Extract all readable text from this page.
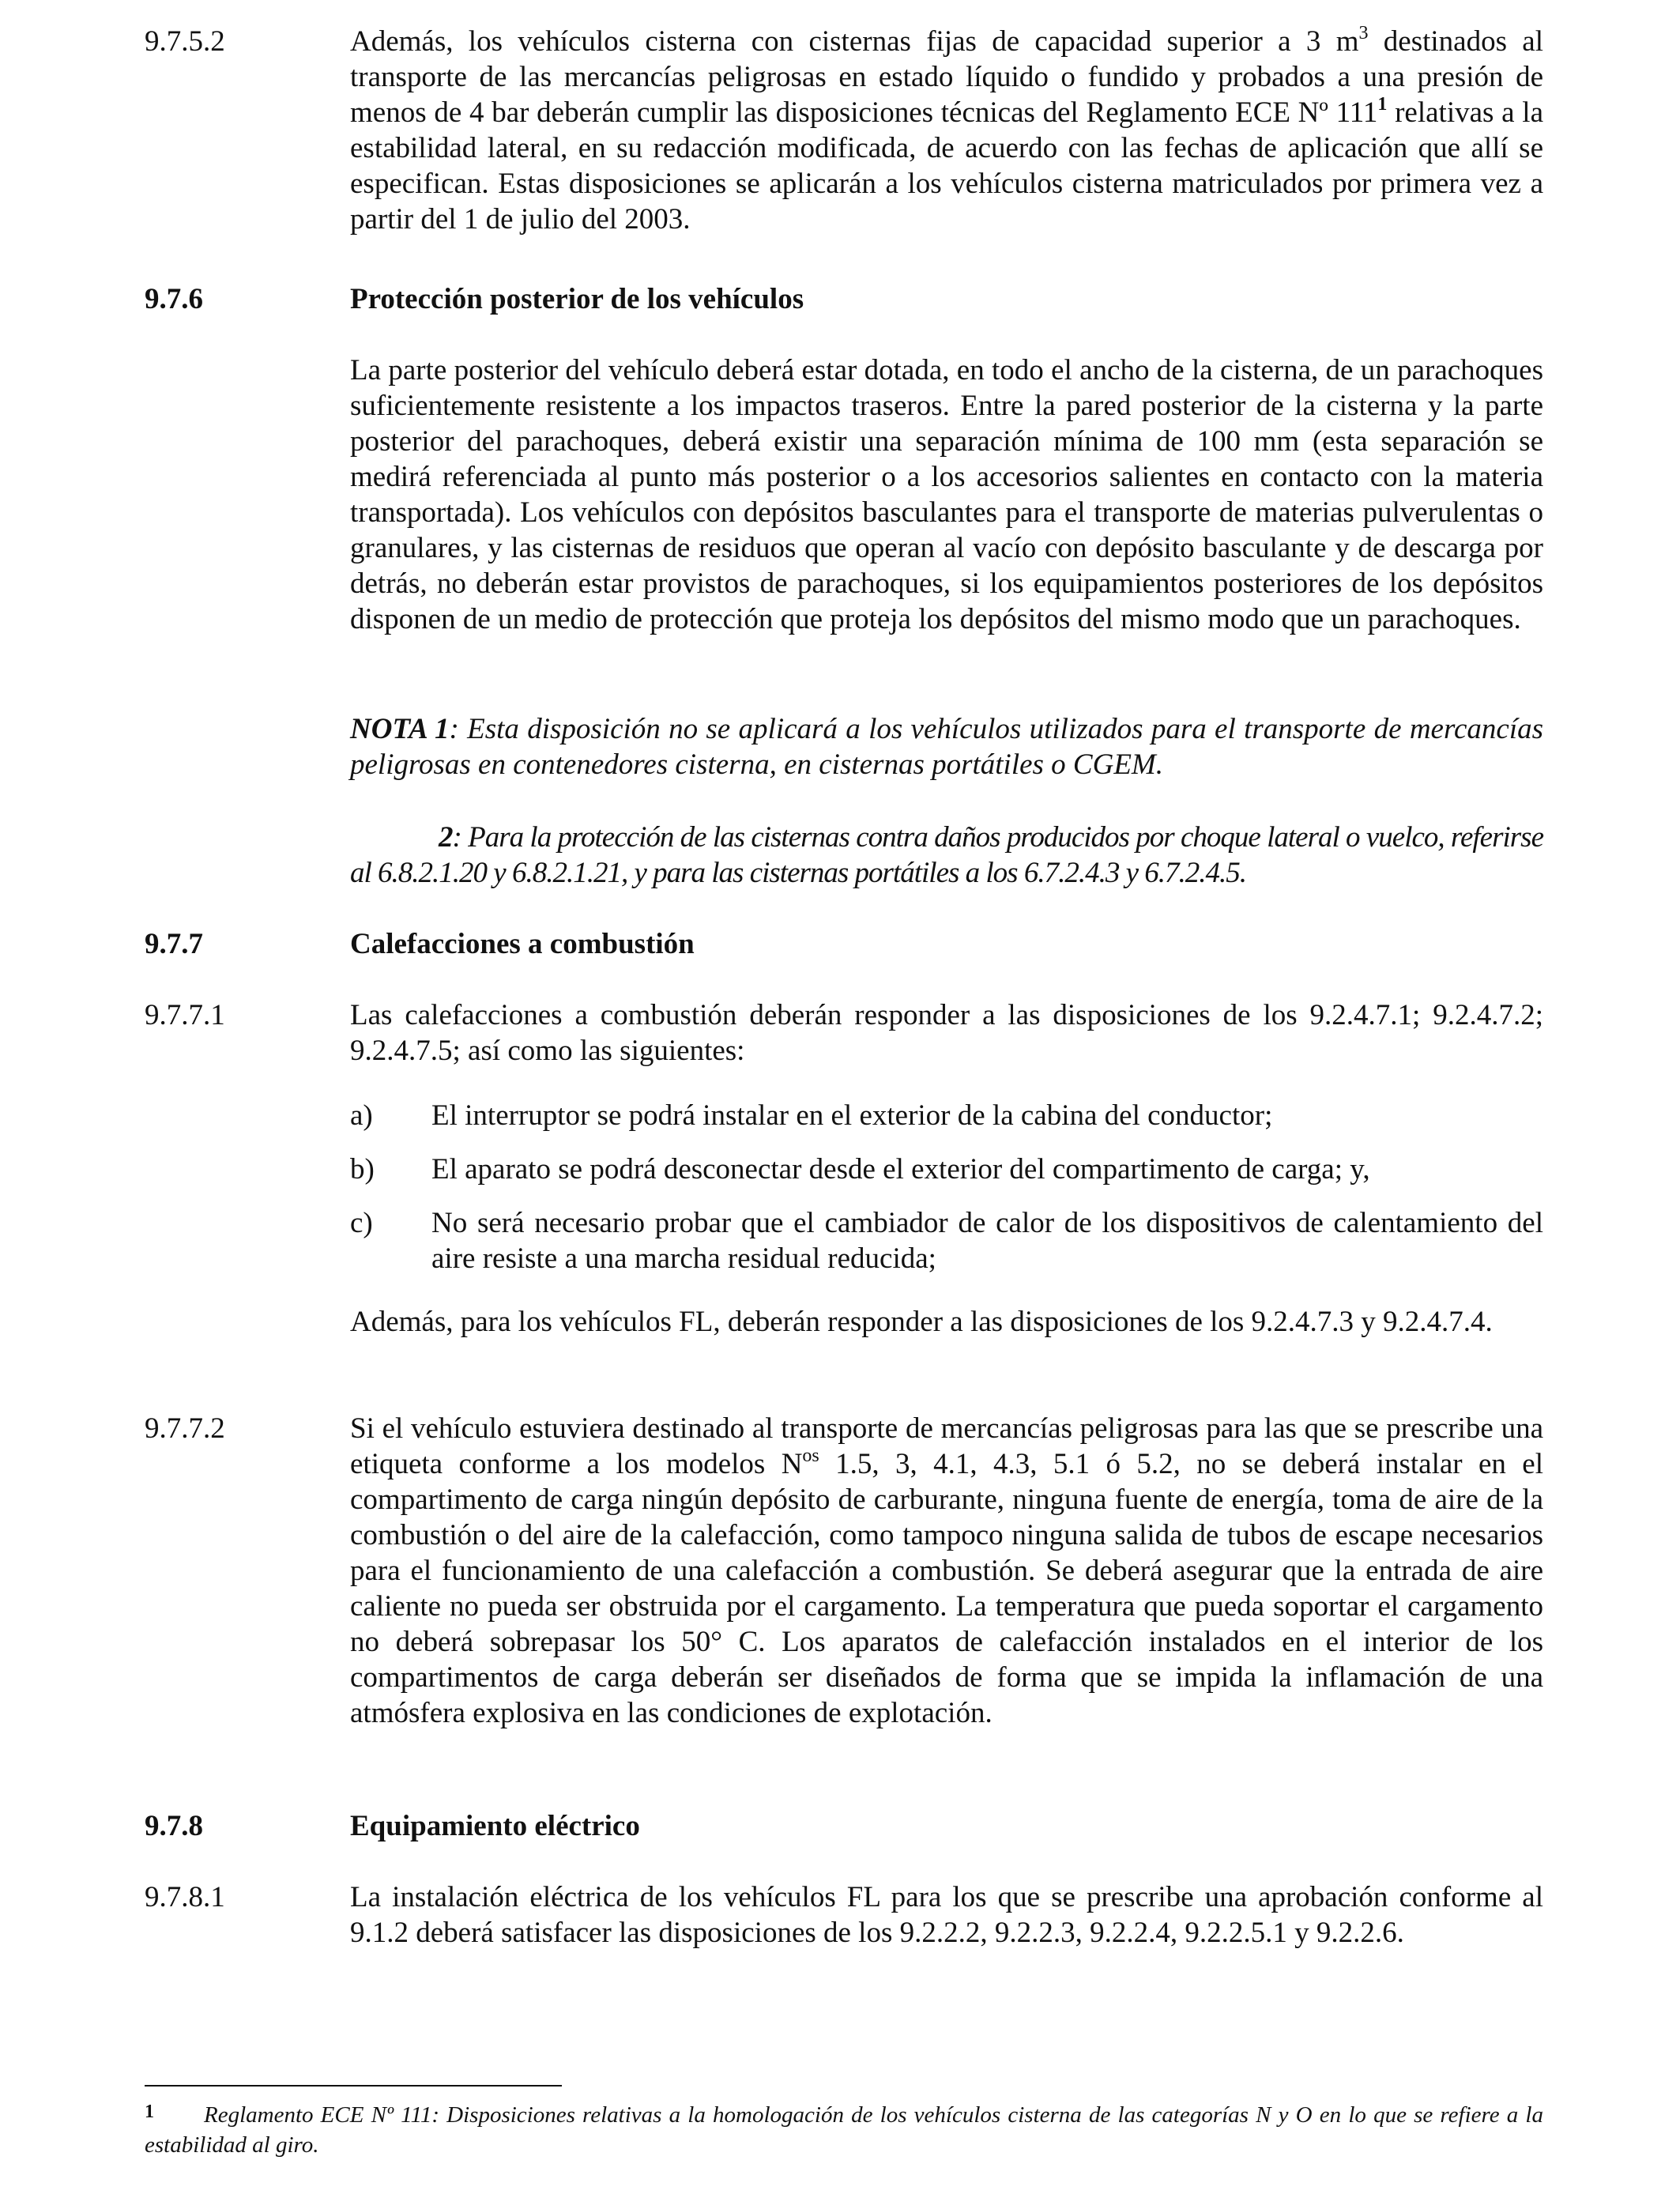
9.7.5.2	Además, los vehículos cisterna con cisternas fijas de capacidad superior a 3 $m^3$ destinados al transporte de las mercancías peligrosas en estado líquido o fundido y probados a una presión de menos de 4 bar deberán cumplir las disposiciones técnicas del Reglamento ECE Nº $111^1$ relativas a la estabilidad lateral, en su redacción modificada, de acuerdo con las fechas de aplicación que allí se especifican. Estas disposiciones se aplicarán a los vehículos cisterna matriculados por primera vez a partir del 1 de julio del 2003.
9.7.6	Protección posterior de los vehículos
La parte posterior del vehículo deberá estar dotada, en todo el ancho de la cisterna, de un parachoques suficientemente resistente a los impactos traseros. Entre la pared posterior de la cisterna y la parte posterior del parachoques, deberá existir una separación mínima de 100 mm (esta separación se medirá referenciada al punto más posterior o a los accesorios salientes en contacto con la materia transportada). Los vehículos con depósitos basculantes para el transporte de materias pulverulentas o granulares, y las cisternas de residuos que operan al vacío con depósito basculante y de descarga por detrás, no deberán estar provistos de parachoques, si los equipamientos posteriores de los depósitos disponen de un medio de protección que proteja los depósitos del mismo modo que un parachoques.
NOTA 1: Esta disposición no se aplicará a los vehículos utilizados para el transporte de mercancías peligrosas en contenedores cisterna, en cisternas portátiles o CGEM.
2: Para la protección de las cisternas contra daños producidos por choque lateral o vuelco, referirse al 6.8.2.1.20 y 6.8.2.1.21, y para las cisternas portátiles a los 6.7.2.4.3 y 6.7.2.4.5.
9.7.7	Calefacciones a combustión
9.7.7.1	Las calefacciones a combustión deberán responder a las disposiciones de los 9.2.4.7.1; 9.2.4.7.2; 9.2.4.7.5; así como las siguientes:
a) El interruptor se podrá instalar en el exterior de la cabina del conductor;
b) El aparato se podrá desconectar desde el exterior del compartimento de carga; y,
c) No será necesario probar que el cambiador de calor de los dispositivos de calentamiento del aire resiste a una marcha residual reducida;
Además, para los vehículos FL, deberán responder a las disposiciones de los 9.2.4.7.3 y 9.2.4.7.4.
9.7.7.2	Si el vehículo estuviera destinado al transporte de mercancías peligrosas para las que se prescribe una etiqueta conforme a los modelos $N^{os}$ 1.5, 3, 4.1, 4.3, 5.1 ó 5.2, no se deberá instalar en el compartimento de carga ningún depósito de carburante, ninguna fuente de energía, toma de aire de la combustión o del aire de la calefacción, como tampoco ninguna salida de tubos de escape necesarios para el funcionamiento de una calefacción a combustión. Se deberá asegurar que la entrada de aire caliente no pueda ser obstruida por el cargamento. La temperatura que pueda soportar el cargamento no deberá sobrepasar los 50° C. Los aparatos de calefacción instalados en el interior de los compartimentos de carga deberán ser diseñados de forma que se impida la inflamación de una atmósfera explosiva en las condiciones de explotación.
9.7.8	Equipamiento eléctrico
9.7.8.1	La instalación eléctrica de los vehículos FL para los que se prescribe una aprobación conforme al 9.1.2 deberá satisfacer las disposiciones de los 9.2.2.2, 9.2.2.3, 9.2.2.4, 9.2.2.5.1 y 9.2.2.6.
1	Reglamento ECE Nº 111: Disposiciones relativas a la homologación de los vehículos cisterna de las categorías N y O en lo que se refiere a la estabilidad al giro.
